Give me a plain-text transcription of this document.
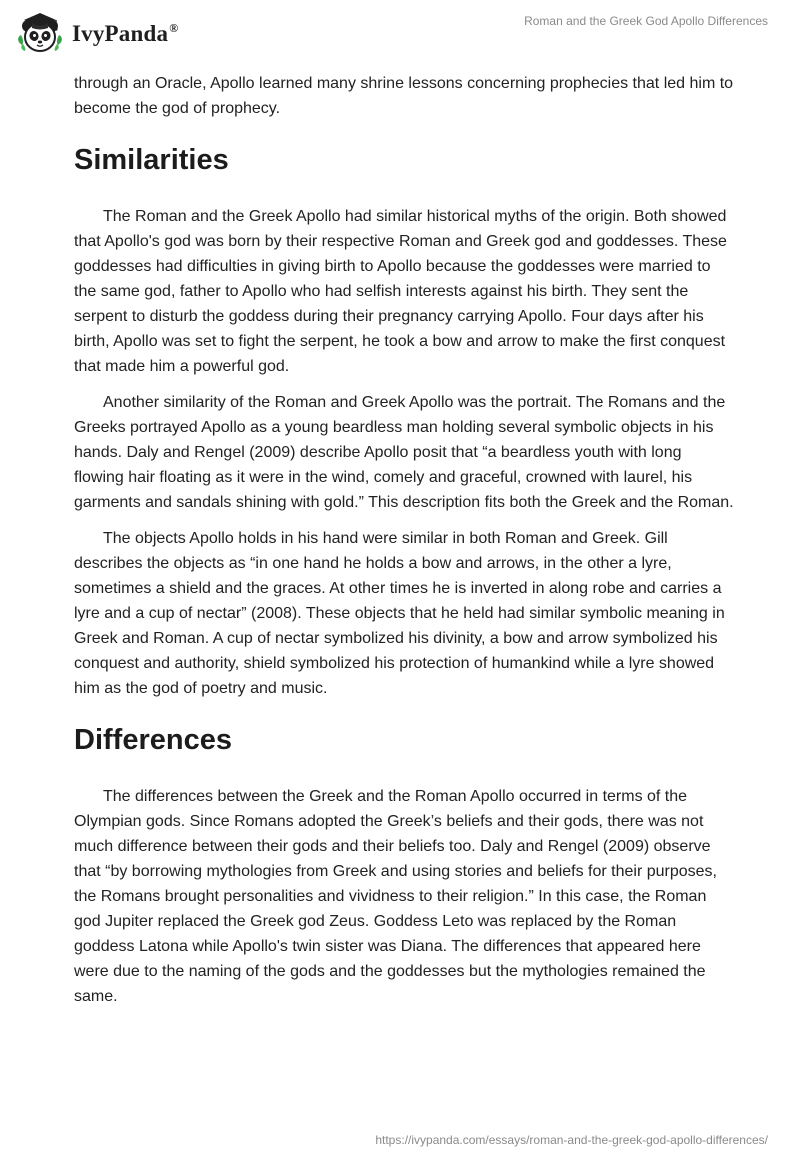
IvyPanda®
Roman and the Greek God Apollo Differences

through an Oracle, Apollo learned many shrine lessons concerning prophecies that led him to become the god of prophecy.

Similarities

The Roman and the Greek Apollo had similar historical myths of the origin. Both showed that Apollo's god was born by their respective Roman and Greek god and goddesses. These goddesses had difficulties in giving birth to Apollo because the goddesses were married to the same god, father to Apollo who had selfish interests against his birth. They sent the serpent to disturb the goddess during their pregnancy carrying Apollo. Four days after his birth, Apollo was set to fight the serpent, he took a bow and arrow to make the first conquest that made him a powerful god.

Another similarity of the Roman and Greek Apollo was the portrait. The Romans and the Greeks portrayed Apollo as a young beardless man holding several symbolic objects in his hands. Daly and Rengel (2009) describe Apollo posit that “a beardless youth with long flowing hair floating as it were in the wind, comely and graceful, crowned with laurel, his garments and sandals shining with gold.” This description fits both the Greek and the Roman.

The objects Apollo holds in his hand were similar in both Roman and Greek. Gill describes the objects as “in one hand he holds a bow and arrows, in the other a lyre, sometimes a shield and the graces. At other times he is inverted in along robe and carries a lyre and a cup of nectar” (2008). These objects that he held had similar symbolic meaning in Greek and Roman. A cup of nectar symbolized his divinity, a bow and arrow symbolized his conquest and authority, shield symbolized his protection of humankind while a lyre showed him as the god of poetry and music.

Differences

The differences between the Greek and the Roman Apollo occurred in terms of the Olympian gods. Since Romans adopted the Greek’s beliefs and their gods, there was not much difference between their gods and their beliefs too. Daly and Rengel (2009) observe that “by borrowing mythologies from Greek and using stories and beliefs for their purposes, the Romans brought personalities and vividness to their religion.” In this case, the Roman god Jupiter replaced the Greek god Zeus. Goddess Leto was replaced by the Roman goddess Latona while Apollo's twin sister was Diana. The differences that appeared here were due to the naming of the gods and the goddesses but the mythologies remained the same.

https://ivypanda.com/essays/roman-and-the-greek-god-apollo-differences/
